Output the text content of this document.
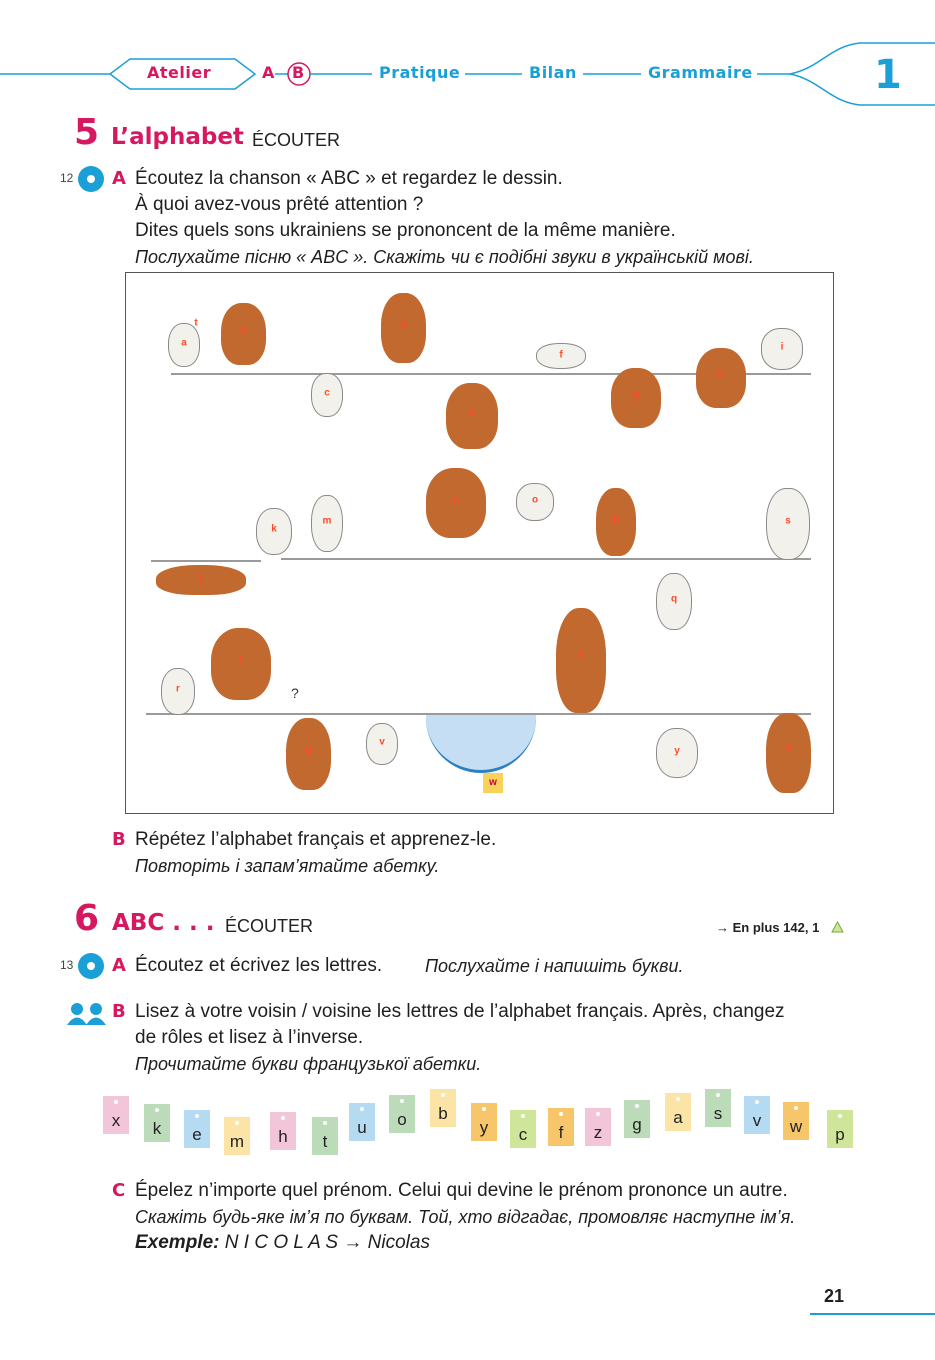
Atelier	A B	Pratique	Bilan	Grammaire	1
5 L’alphabet ÉCOUTER
12 A Écoutez la chanson « ABC » et regardez le dessin.
À quoi avez-vous prêté attention ?
Dites quels sons ukrainiens se prononcent de la même manière.
Послухайте пісню « ABC ». Скажіть чи є подібні звуки в українській мові.
a
b
c
d
e
f
g
h
i
k
m
n	o
p	s
j
q
l
r
u
?
v
w
x
y	z
t
B Répétez l’alphabet français et apprenez-le.
Повторіть і запам’ятайте абетку.
6 ABC . . . ÉCOUTER	→ En plus 142, 1
13 A Écoutez et écrivez les lettres. Послухайте і напишіть букви.
B Lisez à votre voisin / voisine les lettres de l’alphabet français. Après, changez
de rôles et lisez à l’inverse.
Прочитайте букви французької абетки.
x	k	e	m	h	t
u	o	b
y	c	f	z	g	a	s	v	w	p
C Épelez n’importe quel prénom. Celui qui devine le prénom prononce un autre.
Скажіть будь-яке ім’я по буквам. Той, хто відгадає, промовляє наступне ім’я.
Exemple: N I C O L A S → Nicolas
21
